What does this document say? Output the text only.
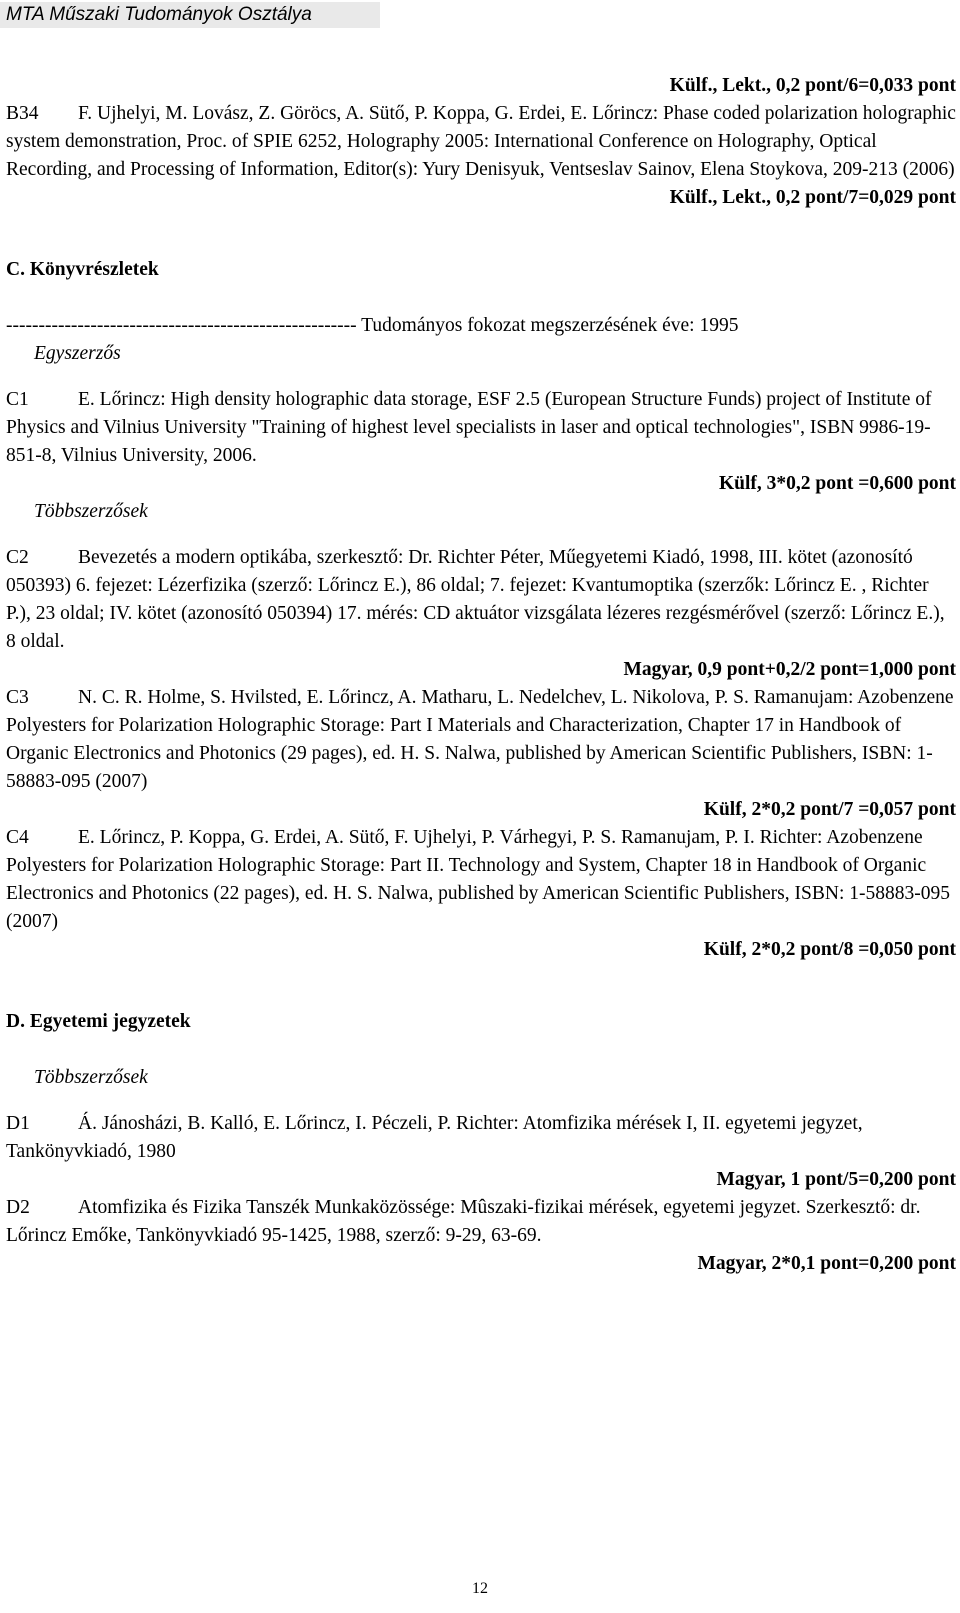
MTA Műszaki Tudományok Osztálya

Külf., Lekt., 0,2 pont/6=0,033 pont

B34 F. Ujhelyi, M. Lovász, Z. Göröcs, A. Sütő, P. Koppa, G. Erdei, E. Lőrincz: Phase coded polarization holographic system demonstration, Proc. of SPIE 6252, Holography 2005: International Conference on Holography, Optical Recording, and Processing of Information, Editor(s): Yury Denisyuk, Ventseslav Sainov, Elena Stoykova, 209-213 (2006)

Külf., Lekt., 0,2 pont/7=0,029 pont

C. Könyvrészletek

------------------------------------------------------ Tudományos fokozat megszerzésének éve: 1995

Egyszerzős

C1	E. Lőrincz: High density holographic data storage, ESF 2.5 (European Structure Funds) project of Institute of Physics and Vilnius University "Training of highest level specialists in laser and optical technologies", ISBN 9986-19-851-8, Vilnius University, 2006.

Külf, 3*0,2 pont =0,600 pont

Többszerzősek

C2	Bevezetés a modern optikába, szerkesztő: Dr. Richter Péter, Műegyetemi Kiadó, 1998, III. kötet (azonosító 050393) 6. fejezet: Lézerfizika (szerző: Lőrincz E.), 86 oldal; 7. fejezet: Kvantumoptika (szerzők: Lőrincz E. , Richter P.), 23 oldal; IV. kötet (azonosító 050394) 17. mérés: CD aktuátor vizsgálata lézeres rezgésmérővel (szerző: Lőrincz E.), 8 oldal.

Magyar, 0,9 pont+0,2/2 pont=1,000 pont

C3	N. C. R. Holme, S. Hvilsted, E. Lőrincz, A. Matharu, L. Nedelchev, L. Nikolova, P. S. Ramanujam: Azobenzene Polyesters for Polarization Holographic Storage: Part I Materials and Characterization, Chapter 17 in Handbook of Organic Electronics and Photonics (29 pages), ed. H. S. Nalwa, published by American Scientific Publishers, ISBN: 1-58883-095 (2007)

Külf, 2*0,2 pont/7 =0,057 pont

C4	E. Lőrincz, P. Koppa, G. Erdei, A. Sütő, F. Ujhelyi, P. Várhegyi, P. S. Ramanujam, P. I. Richter: Azobenzene Polyesters for Polarization Holographic Storage: Part II. Technology and System, Chapter 18 in Handbook of Organic Electronics and Photonics (22 pages), ed. H. S. Nalwa, published by American Scientific Publishers, ISBN: 1-58883-095 (2007)

Külf, 2*0,2 pont/8 =0,050 pont

D. Egyetemi jegyzetek

Többszerzősek

D1 Á. Jánosházi, B. Kalló, E. Lőrincz, I. Péczeli, P. Richter: Atomfizika mérések I, II. egyetemi jegyzet, Tankönyvkiadó, 1980

Magyar, 1 pont/5=0,200 pont

D2 Atomfizika és Fizika Tanszék Munkaközössége: Mûszaki-fizikai mérések, egyetemi jegyzet. Szerkesztő: dr. Lőrincz Emőke, Tankönyvkiadó 95-1425, 1988, szerző: 9-29, 63-69.

Magyar, 2*0,1 pont=0,200 pont

12
